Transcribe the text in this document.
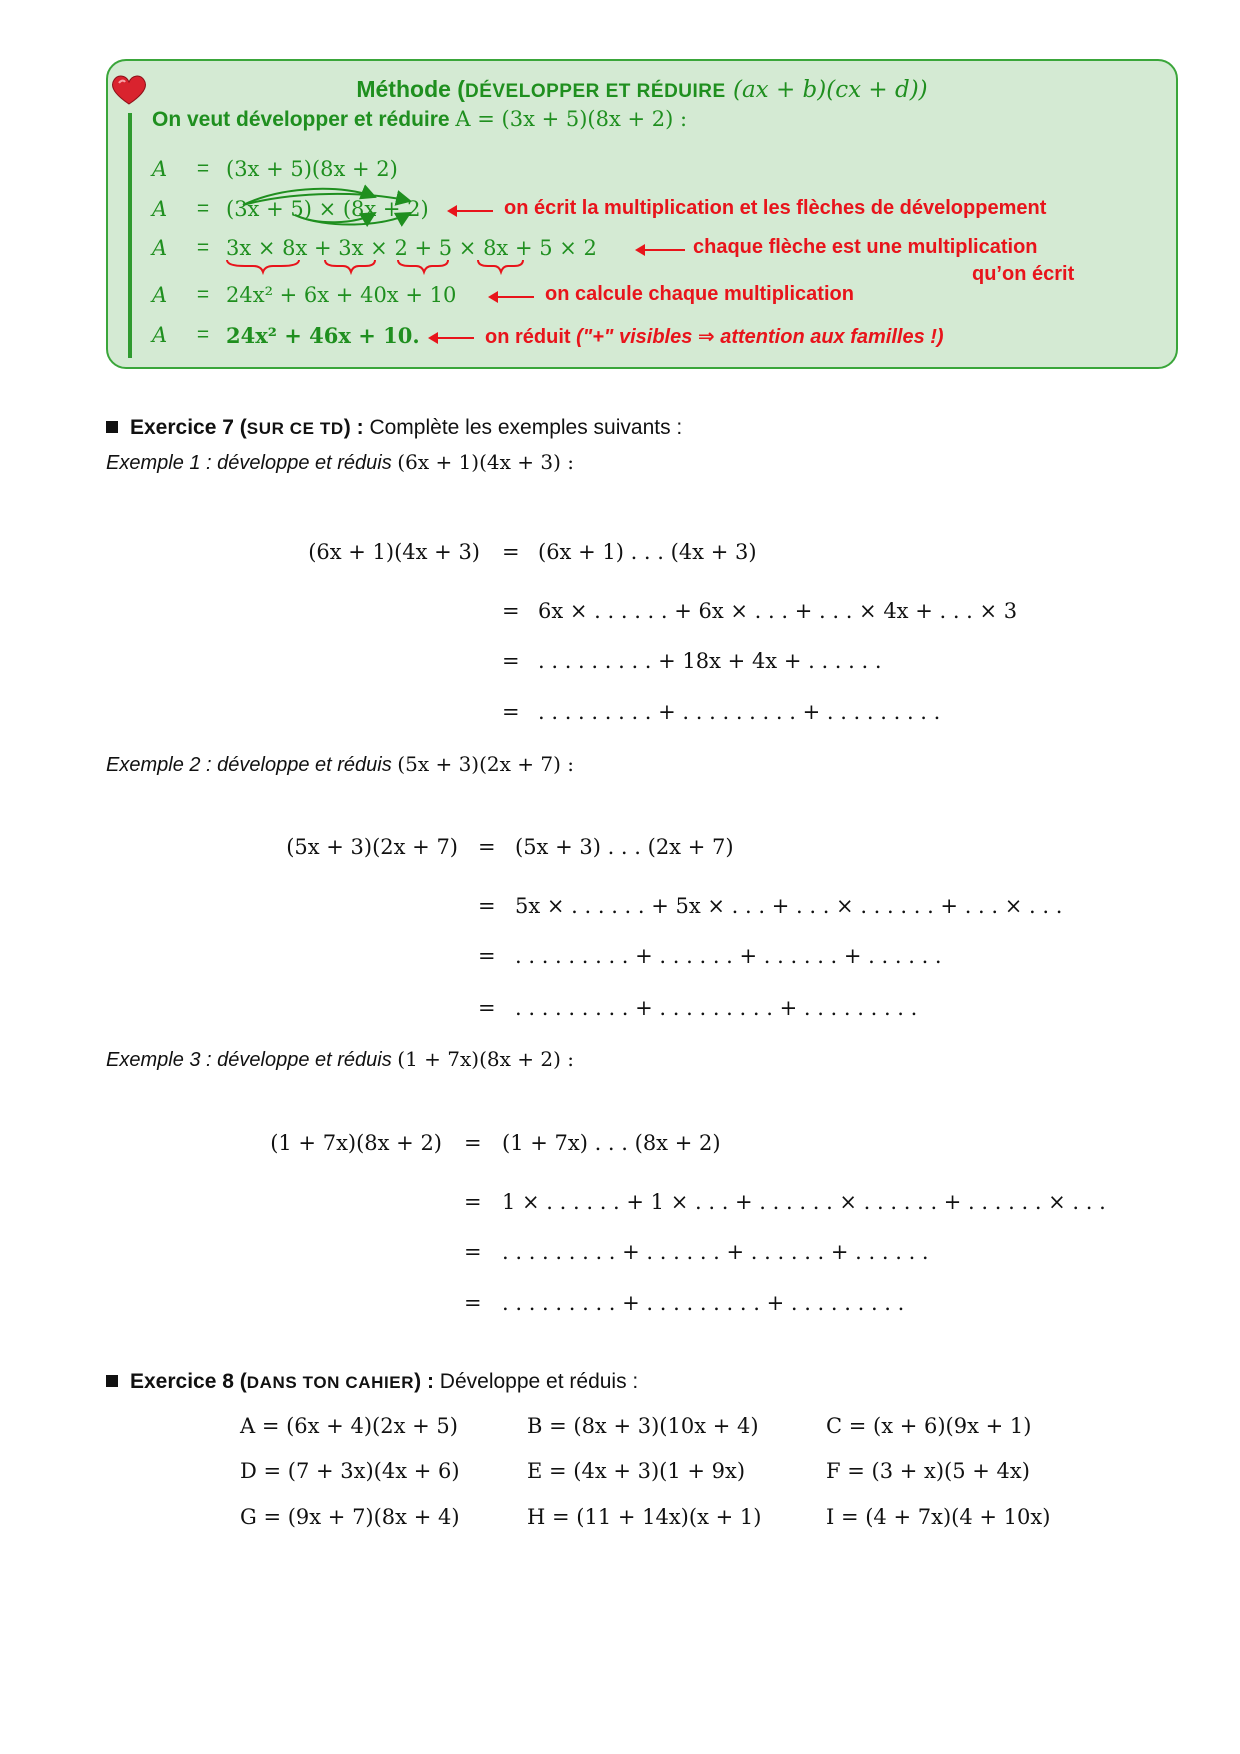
Méthode (DÉVELOPPER ET RÉDUIRE (ax + b)(cx + d))
On veut développer et réduire A = (3x + 5)(8x + 2) :
A	= (3x + 5)(8x + 2)
A	= (3x + 5) × (8x + 2)
A	= 3x × 8x + 3x × 2 + 5 × 8x + 5 × 2
A	= 24x² + 6x + 40x + 10
A	= 24x² + 46x + 10.
on écrit la multiplication et les flèches de développement
chaque flèche est une multiplication
qu’on écrit
on calcule chaque multiplication
on réduit ("+" visibles ⇒ attention aux familles !)
Exercice 7 (SUR CE TD) : Complète les exemples suivants :
Exemple 1 : développe et réduis (6x + 1)(4x + 3) :
(6x + 1)(4x + 3) = (6x + 1) . . . (4x + 3)
= 6x × . . . . . . + 6x × . . . + . . . × 4x + . . . × 3
= . . . . . . . . . + 18x + 4x + . . . . . .
= . . . . . . . . . + . . . . . . . . . + . . . . . . . . .
Exemple 2 : développe et réduis (5x + 3)(2x + 7) :
(5x + 3)(2x + 7) = (5x + 3) . . . (2x + 7)
= 5x × . . . . . . + 5x × . . . + . . . × . . . . . . + . . . × . . .
= . . . . . . . . . + . . . . . . + . . . . . . + . . . . . .
= . . . . . . . . . + . . . . . . . . . + . . . . . . . . .
Exemple 3 : développe et réduis (1 + 7x)(8x + 2) :
(1 + 7x)(8x + 2) = (1 + 7x) . . . (8x + 2)
= 1 × . . . . . . + 1 × . . . + . . . . . . × . . . . . . + . . . . . . × . . .
= . . . . . . . . . + . . . . . . + . . . . . . + . . . . . .
= . . . . . . . . . + . . . . . . . . . + . . . . . . . . .
Exercice 8 (DANS TON CAHIER) : Développe et réduis :
A = (6x + 4)(2x + 5)	B = (8x + 3)(10x + 4)	C = (x + 6)(9x + 1)
D = (7 + 3x)(4x + 6)	E = (4x + 3)(1 + 9x)	F = (3 + x)(5 + 4x)
G = (9x + 7)(8x + 4)	H = (11 + 14x)(x + 1)	I = (4 + 7x)(4 + 10x)
